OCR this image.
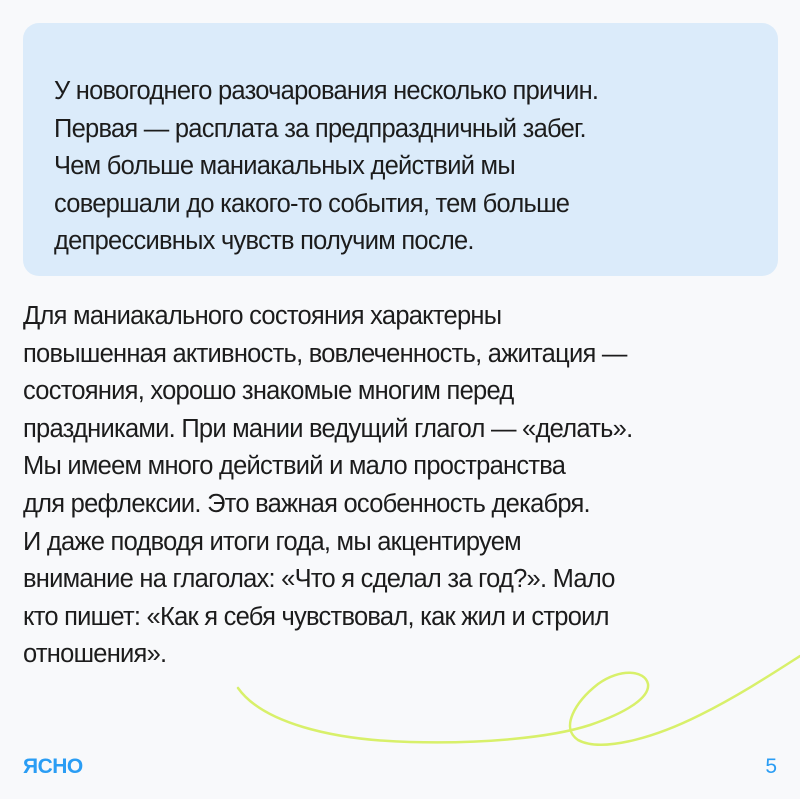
У новогоднего разочарования несколько причин.
Первая — расплата за предпраздничный забег.
Чем больше маниакальных действий мы
совершали до какого-то события, тем больше
депрессивных чувств получим после.
Для маниакального состояния характерны
повышенная активность, вовлеченность, ажитация —
состояния, хорошо знакомые многим перед
праздниками. При мании ведущий глагол — «делать».
Мы имеем много действий и мало пространства
для рефлексии. Это важная особенность декабря.
И даже подводя итоги года, мы акцентируем
внимание на глаголах: «Что я сделал за год?». Мало
кто пишет: «Как я себя чувствовал, как жил и строил
отношения».
ЯСНО	5
